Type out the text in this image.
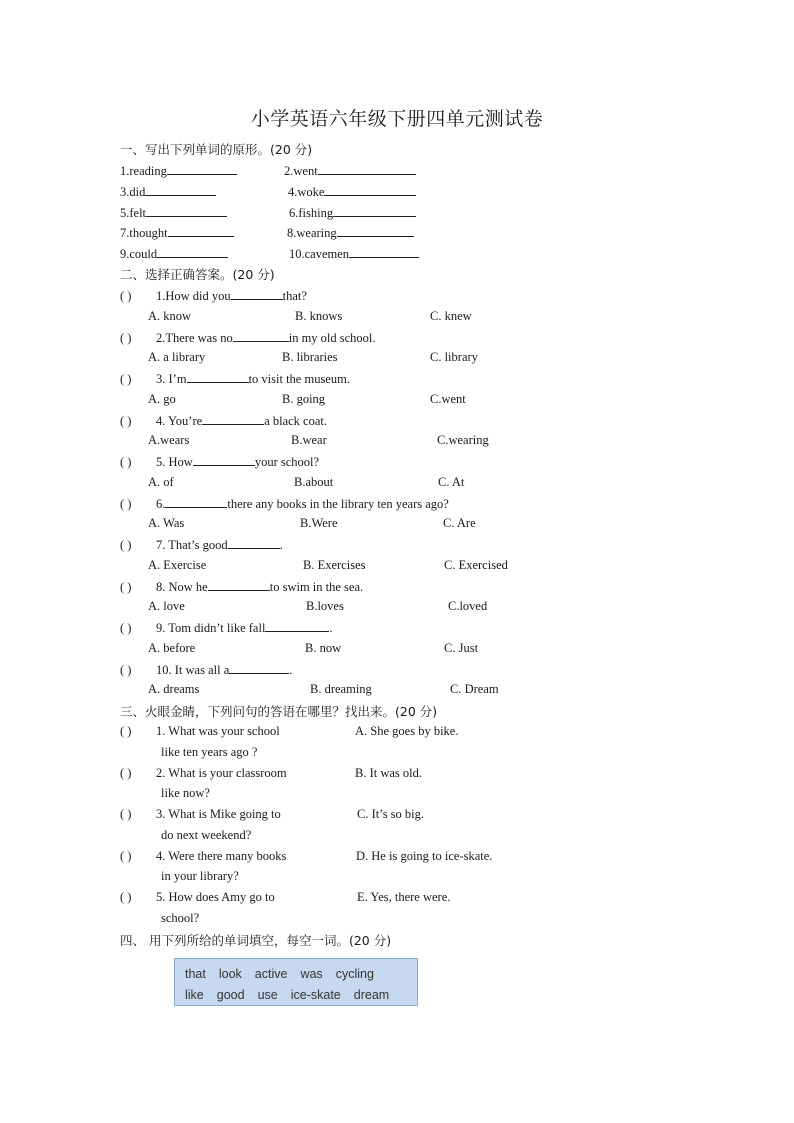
小学英语六年级下册四单元测试卷
一、写出下列单词的原形。(20 分)
1.reading	2.went
3.did	4.woke
5.felt	6.fishing
7.thought	8.wearing
9.could	10.cavemen
二、选择正确答案。(20 分)
( ) 1.How did you	that?
A. know	B. knows	C. knew
( ) 2.There was no	in my old school.
A. a library	B. libraries	C. library
( ) 3. I’m	to visit the museum.
A. go	B. going	C.went
( ) 4. You’re	a black coat.
A.wears	B.wear	C.wearing
( ) 5. How	your school?
A. of	B.about	C. At
( ) 6.	there any books in the library ten years ago?
A. Was	B.Were	C. Are
( ) 7. That’s good	.
A. Exercise	B. Exercises	C. Exercised
( ) 8. Now he	to swim in the sea.
A. love	B.loves	C.loved
( ) 9. Tom didn’t like fall	.
A. before	B. now	C. Just
( ) 10. It was all a	.
A. dreams	B. dreaming	C. Dream
三、火眼金睛，下列问句的答语在哪里？找出来。(20 分)
( ) 1. What was your school
like ten years ago ?
A. She goes by bike.
( ) 2. What is your classroom
like now?
B. It was old.
( ) 3. What is Mike going to
do next weekend?
C. It’s so big.
( ) 4. Were there many books
in your library?
D. He is going to ice-skate.
( ) 5. How does Amy go to
school?
E. Yes, there were.
四、 用下列所给的单词填空，每空一词。(20 分)
that look active was cycling
like good use ice-skate dream
